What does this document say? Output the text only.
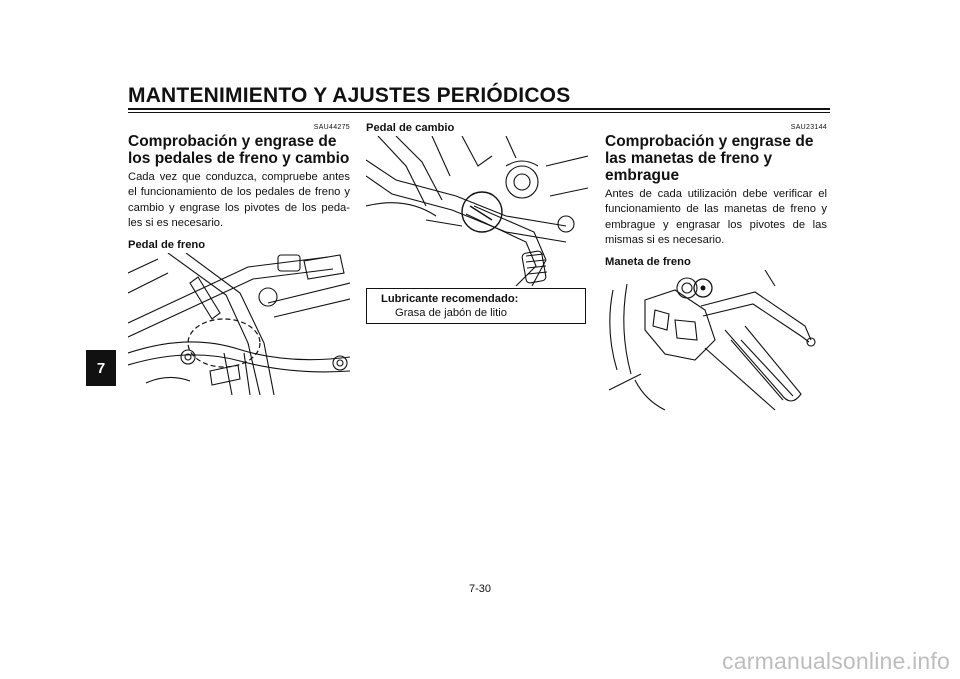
MANTENIMIENTO Y AJUSTES PERIÓDICOS
7
SAU44275
Comprobación y engrase de los pedales de freno y cambio

Cada vez que conduzca, compruebe antes el funcionamiento de los pedales de freno y cambio y engrase los pivotes de los peda-les si es necesario.

Pedal de freno
Pedal de cambio
Lubricante recomendado:
Grasa de jabón de litio
SAU23144
Comprobación y engrase de las manetas de freno y embrague

Antes de cada utilización debe verificar el funcionamiento de las manetas de freno y embrague y engrasar los pivotes de las mismas si es necesario.

Maneta de freno
7-30
carmanualsonline.info
